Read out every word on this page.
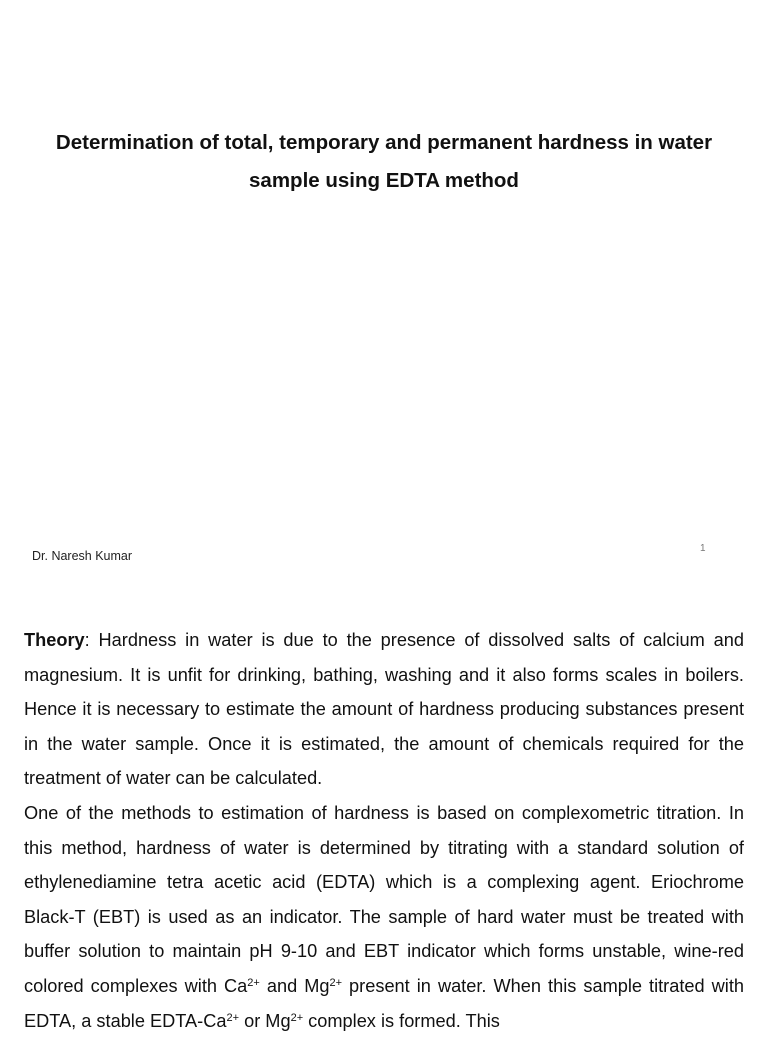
Determination of total, temporary and permanent hardness in water
sample using EDTA method
Dr. Naresh Kumar
1

Theory: Hardness in water is due to the presence of dissolved salts of calcium and magnesium. It is unfit for drinking, bathing, washing and it also forms scales in boilers. Hence it is necessary to estimate the amount of hardness producing substances present in the water sample. Once it is estimated, the amount of chemicals required for the treatment of water can be calculated.

One of the methods to estimation of hardness is based on complexometric titration. In this method, hardness of water is determined by titrating with a standard solution of ethylenediamine tetra acetic acid (EDTA) which is a complexing agent. Eriochrome Black-T (EBT) is used as an indicator. The sample of hard water must be treated with buffer solution to maintain pH 9-10 and EBT indicator which forms unstable, wine-red colored complexes with $Ca^{2+}$ and $Mg^{2+}$ present in water. When this sample titrated with EDTA, a stable EDTA-$Ca^{2+}$ or $Mg^{2+}$ complex is formed. This
